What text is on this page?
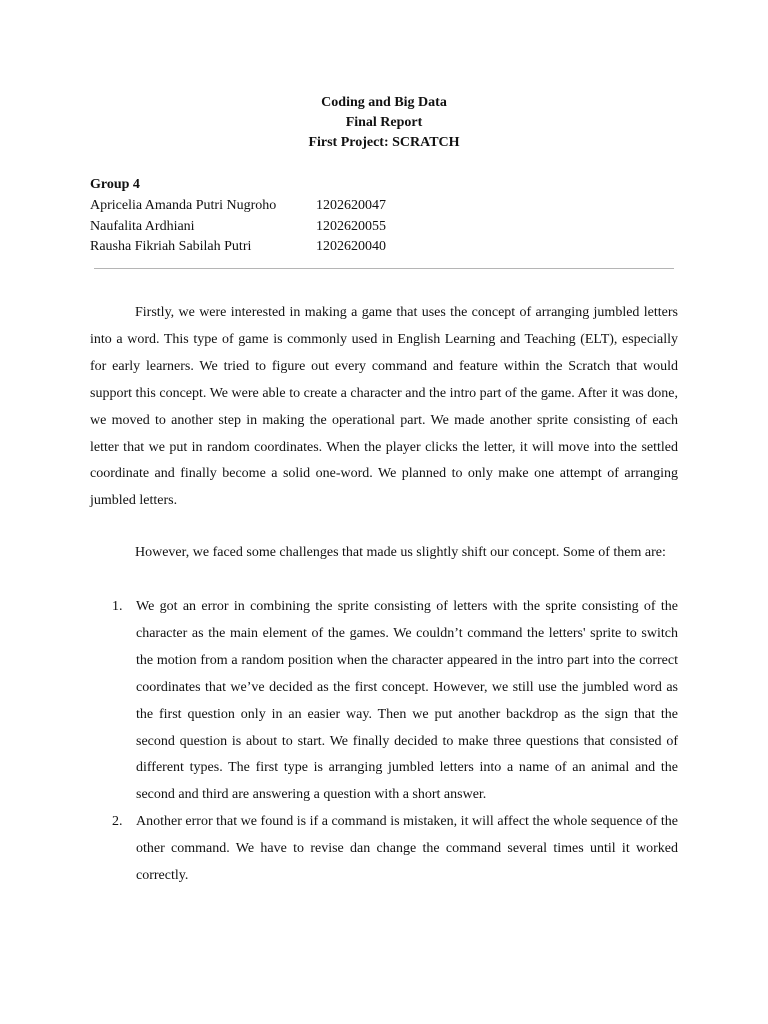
Coding and Big Data
Final Report
First Project: SCRATCH
Group 4
Apricelia Amanda Putri Nugroho	1202620047
Naufalita Ardhiani	1202620055
Rausha Fikriah Sabilah Putri	1202620040

Firstly, we were interested in making a game that uses the concept of arranging jumbled letters into a word. This type of game is commonly used in English Learning and Teaching (ELT), especially for early learners. We tried to figure out every command and feature within the Scratch that would support this concept. We were able to create a character and the intro part of the game. After it was done, we moved to another step in making the operational part. We made another sprite consisting of each letter that we put in random coordinates. When the player clicks the letter, it will move into the settled coordinate and finally become a solid one-word. We planned to only make one attempt of arranging jumbled letters.

However, we faced some challenges that made us slightly shift our concept. Some of them are:

1. We got an error in combining the sprite consisting of letters with the sprite consisting of the character as the main element of the games. We couldn’t command the letters' sprite to switch the motion from a random position when the character appeared in the intro part into the correct coordinates that we’ve decided as the first concept. However, we still use the jumbled word as the first question only in an easier way. Then we put another backdrop as the sign that the second question is about to start. We finally decided to make three questions that consisted of different types. The first type is arranging jumbled letters into a name of an animal and the second and third are answering a question with a short answer.
2. Another error that we found is if a command is mistaken, it will affect the whole sequence of the other command. We have to revise dan change the command several times until it worked correctly.
